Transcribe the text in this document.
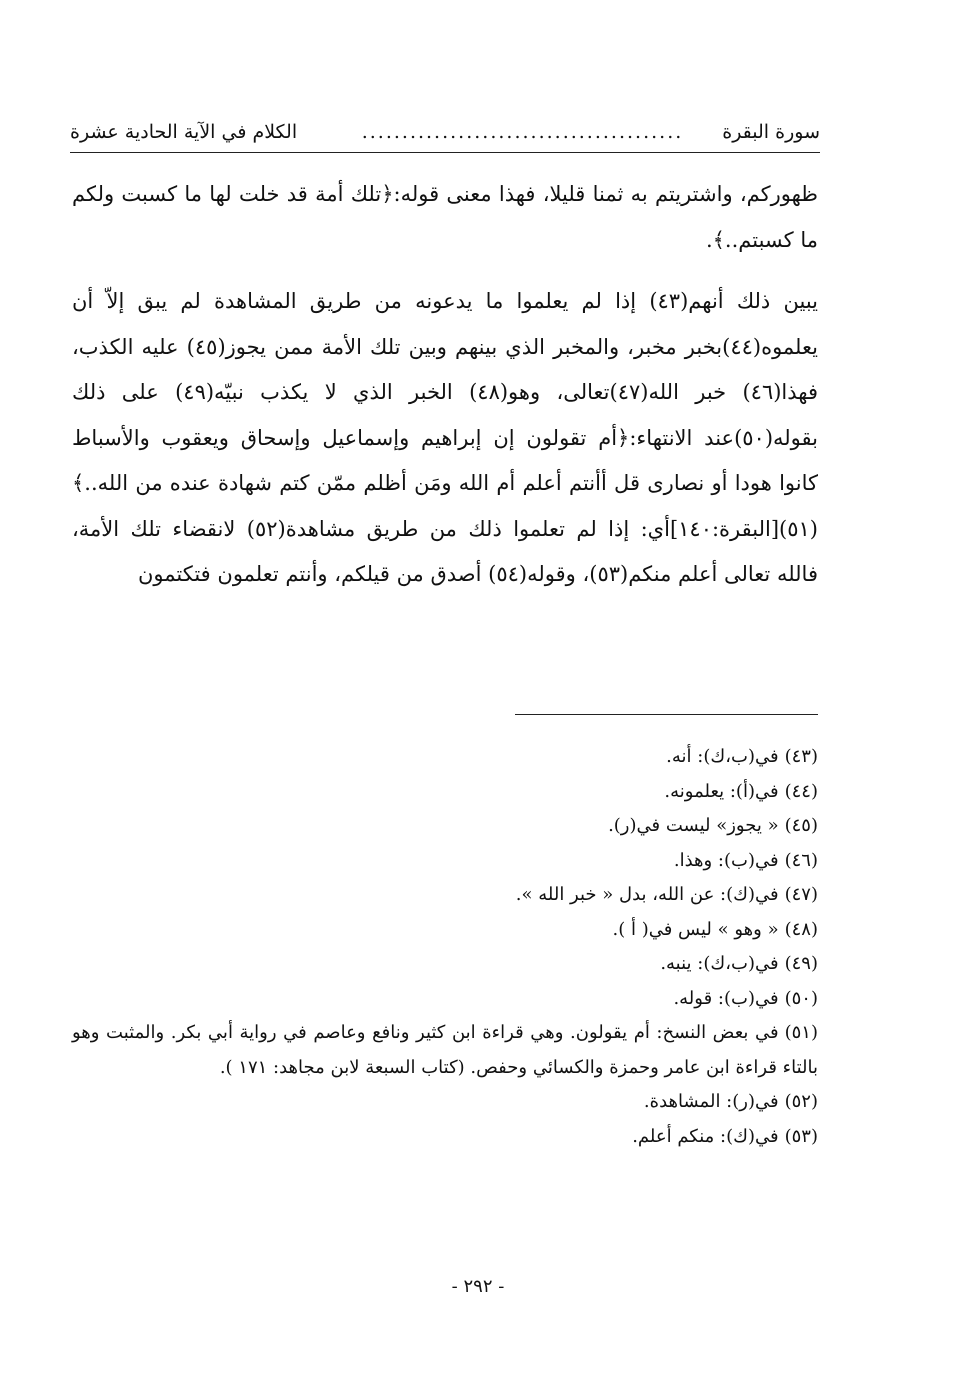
سورة البقرة
........................................
الكلام في الآية الحادية عشرة

ظهوركم، واشتريتم به ثمنا قليلا، فهذا معنى قوله:﴿تلك أمة قد خلت لها ما كسبت ولكم ما كسبتم..﴾.

يبين ذلك أنهم(٤٣) إذا لم يعلموا ما يدعونه من طريق المشاهدة لم يبق إلاّ أن يعلموه(٤٤)بخبر مخبر، والمخبر الذي بينهم وبين تلك الأمة ممن يجوز(٤٥) عليه الكذب، فهذا(٤٦) خبر الله(٤٧)تعالى، وهو(٤٨) الخبر الذي لا يكذب نبيّه(٤٩) على ذلك بقوله(٥٠)عند الانتهاء:﴿أم تقولون إن إبراهيم وإسماعيل وإسحاق ويعقوب والأسباط كانوا هودا أو نصارى قل أأنتم أعلم أم الله ومَن أظلم ممّن كتم شهادة عنده من الله..﴾(٥١)[البقرة:١٤٠]أي: إذا لم تعلموا ذلك من طريق مشاهدة(٥٢) لانقضاء تلك الأمة، فالله تعالى أعلم منكم(٥٣)، وقوله(٥٤) أصدق من قيلكم، وأنتم تعلمون فتكتمون

(٤٣)في(ب،ك): أنه.

(٤٤)في(أ): يعلمونه.

(٤٥)« يجوز» ليست في(ر).

(٤٦)في(ب): وهذا.

(٤٧)في(ك): عن الله، بدل « خبر الله ».

(٤٨)« وهو » ليس في( أ ).

(٤٩)في(ب،ك): ينبه.

(٥٠)في(ب): قوله.

(٥١)في بعض النسخ: أم يقولون. وهي قراءة ابن كثير ونافع وعاصم في رواية أبي بكر. والمثبت وهو بالتاء قراءة ابن عامر وحمزة والكسائي وحفص. (كتاب السبعة لابن مجاهد: ١٧١ ).

(٥٢)في(ر): المشاهدة.

(٥٣)في(ك): منكم أعلم.

- ٢٩٢ -
